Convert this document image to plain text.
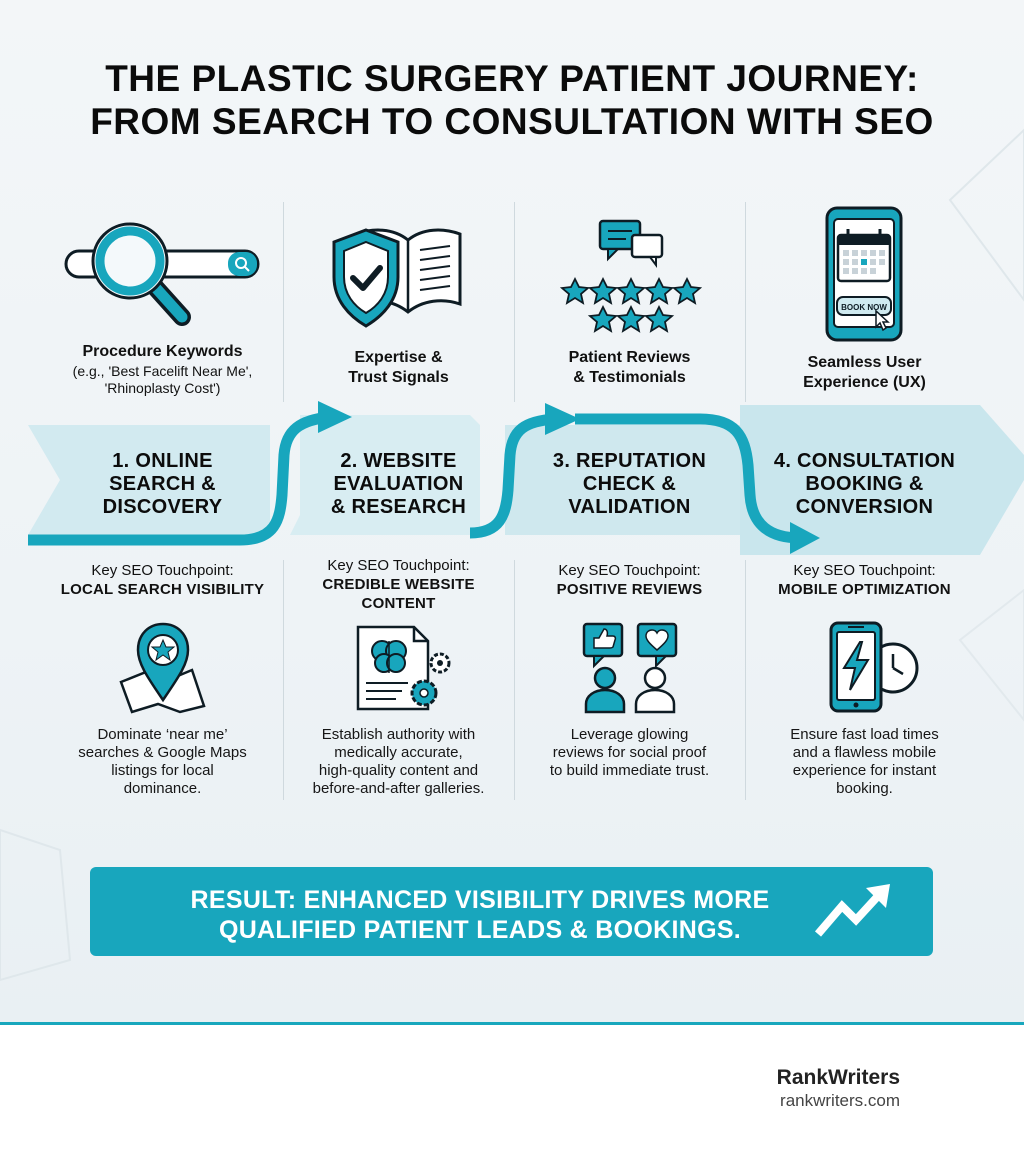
THE PLASTIC SURGERY PATIENT JOURNEY:
FROM SEARCH TO CONSULTATION WITH SEO
Procedure Keywords
(e.g., 'Best Facelift Near Me',
'Rhinoplasty Cost')
1. ONLINE
SEARCH &
DISCOVERY
Key SEO Touchpoint:
LOCAL SEARCH VISIBILITY
Dominate ‘near me’
searches & Google Maps
listings for local
dominance.
Expertise &
Trust Signals
2. WEBSITE
EVALUATION
& RESEARCH
Key SEO Touchpoint:
CREDIBLE WEBSITE
CONTENT
Establish authority with
medically accurate,
high-quality content and
before-and-after galleries.
Patient Reviews
& Testimonials
3. REPUTATION
CHECK &
VALIDATION
Key SEO Touchpoint:
POSITIVE REVIEWS
Leverage glowing
reviews for social proof
to build immediate trust.
BOOK NOW
Seamless User
Experience (UX)
4. CONSULTATION
BOOKING &
CONVERSION
Key SEO Touchpoint:
MOBILE OPTIMIZATION
Ensure fast load times
and a flawless mobile
experience for instant
booking.
RESULT: ENHANCED VISIBILITY DRIVES MORE
QUALIFIED PATIENT LEADS & BOOKINGS.
RankWriters
rankwriters.com
